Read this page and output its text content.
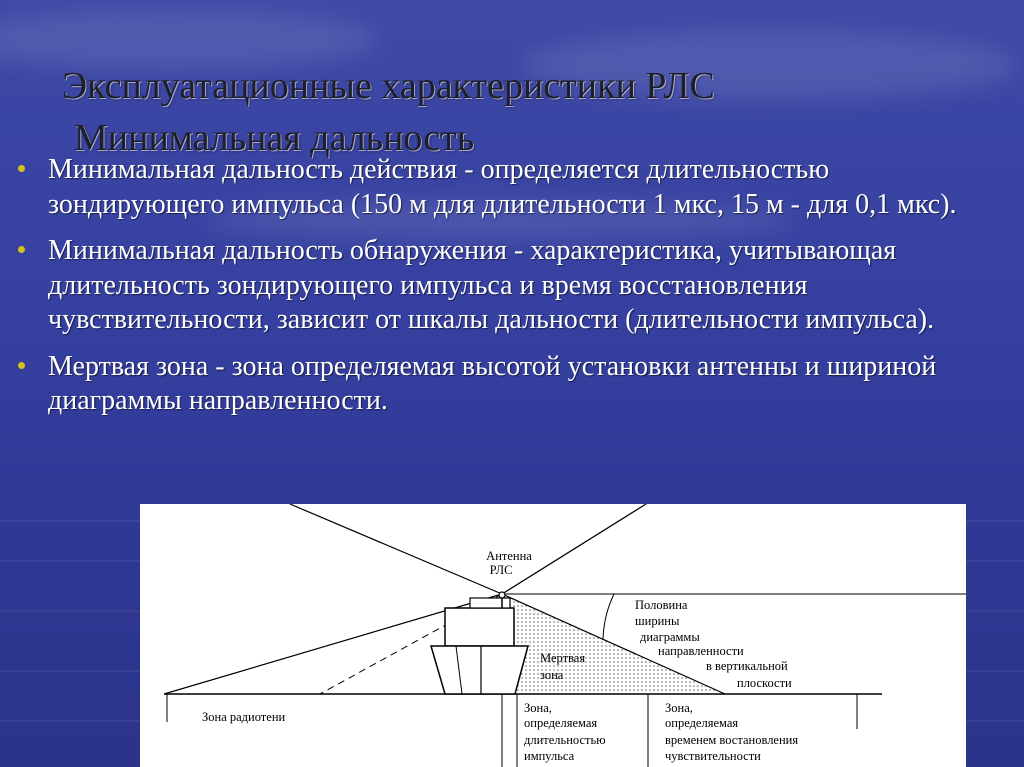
Эксплуатационные характеристики РЛС
Минимальная дальность
Минимальная дальность действия - определяется длительностью зондирующего импульса (150 м для длительности 1 мкс, 15 м - для 0,1 мкс).
Минимальная дальность обнаружения - характеристика, учитывающая длительность зондирующего импульса и время восстановления чувствительности, зависит от шкалы дальности (длительности импульса).
Мертвая зона - зона определяемая высотой установки антенны и шириной диаграммы направленности.
Антенна
РЛС
Половина
ширины
диаграммы
направленности
в вертикальной
плоскости
Мертвая
зона
Зона радиотени
Зона,
определяемая
длительностью
импульса
Зона,
определяемая
временем востановления
чувствительности
